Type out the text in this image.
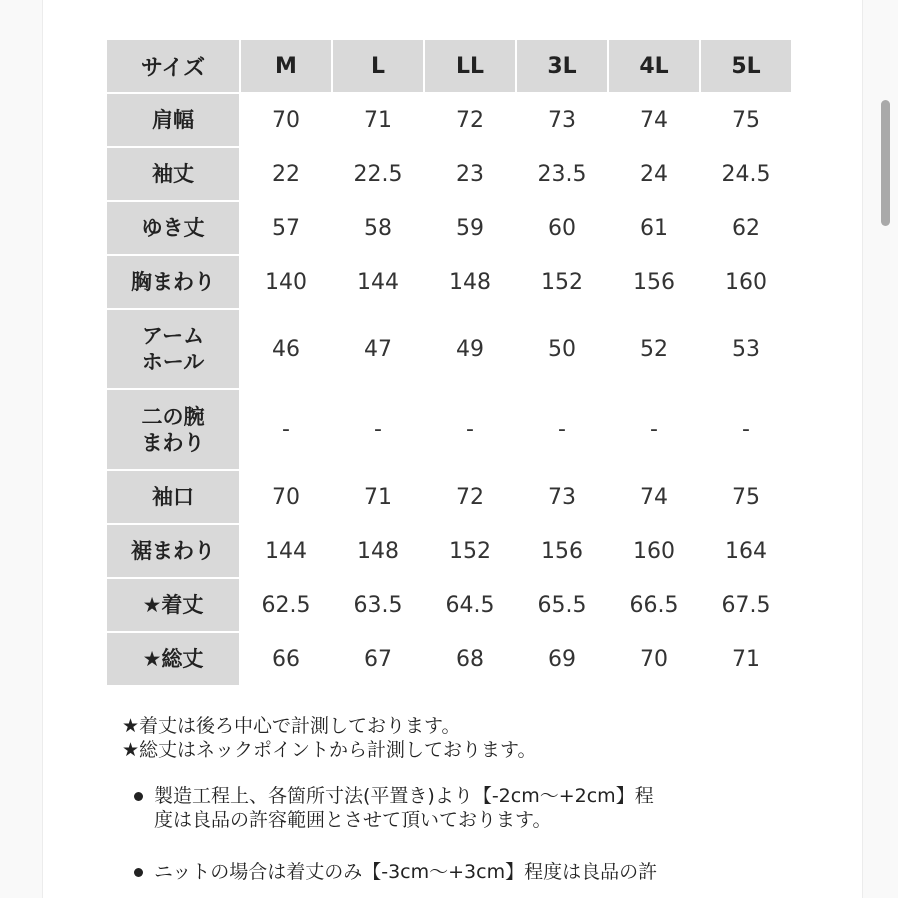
サイズ	M	L	LL	3L	4L	5L
肩幅	70	71	72	73	74	75
袖丈	22	22.5	23	23.5	24	24.5
ゆき丈	57	58	59	60	61	62
胸まわり	140	144	148	152	156	160
アーム
ホール	46	47	49	50	52	53
二の腕
まわり	-	-	-	-	-	-
袖口	70	71	72	73	74	75
裾まわり	144	148	152	156	160	164
★着丈	62.5	63.5	64.5	65.5	66.5	67.5
★総丈	66	67	68	69	70	71
★着丈は後ろ中心で計測しております。
★総丈はネックポイントから計測しております。
製造工程上、各箇所寸法(平置き)より【-2cm～+2cm】程
度は良品の許容範囲とさせて頂いております。
ニットの場合は着丈のみ【-3cm～+3cm】程度は良品の許
